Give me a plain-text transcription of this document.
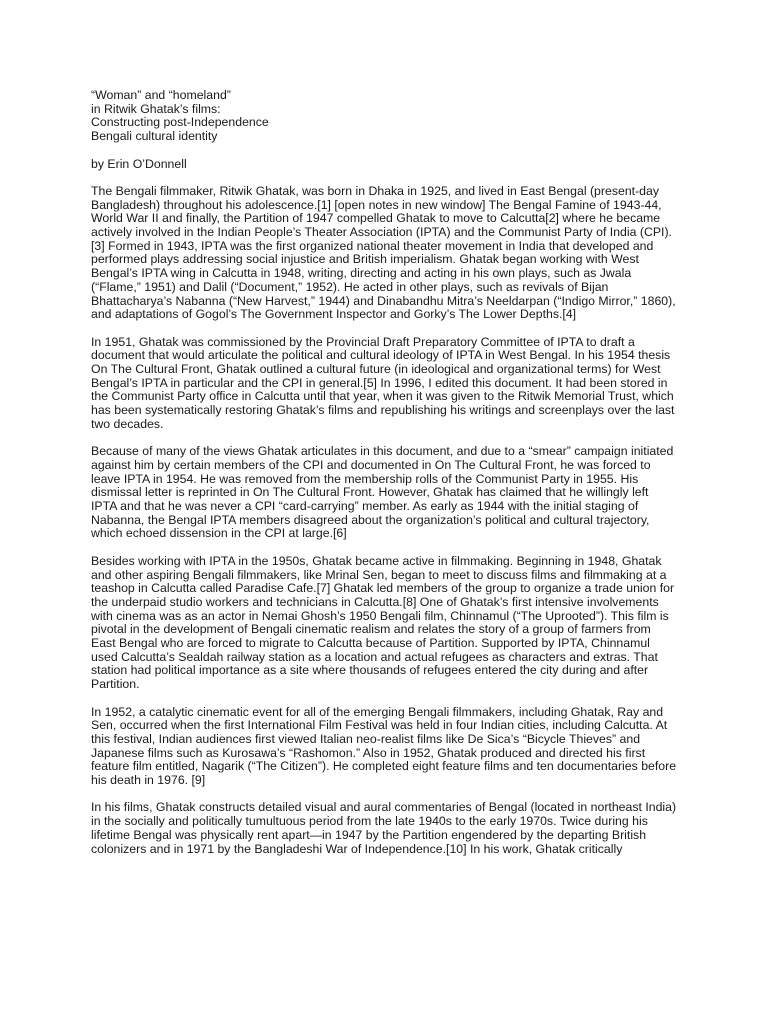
“Woman” and “homeland”
in Ritwik Ghatak’s films:
Constructing post-Independence
Bengali cultural identity
by Erin O’Donnell
The Bengali filmmaker, Ritwik Ghatak, was born in Dhaka in 1925, and lived in East Bengal (present-day
Bangladesh) throughout his adolescence.[1] [open notes in new window] The Bengal Famine of 1943-44,
World War II and finally, the Partition of 1947 compelled Ghatak to move to Calcutta[2] where he became
actively involved in the Indian People’s Theater Association (IPTA) and the Communist Party of India (CPI).
[3] Formed in 1943, IPTA was the first organized national theater movement in India that developed and
performed plays addressing social injustice and British imperialism. Ghatak began working with West
Bengal’s IPTA wing in Calcutta in 1948, writing, directing and acting in his own plays, such as Jwala
(“Flame,” 1951) and Dalil (“Document,” 1952). He acted in other plays, such as revivals of Bijan
Bhattacharya’s Nabanna (“New Harvest,” 1944) and Dinabandhu Mitra’s Neeldarpan (“Indigo Mirror,” 1860),
and adaptations of Gogol’s The Government Inspector and Gorky’s The Lower Depths.[4]
In 1951, Ghatak was commissioned by the Provincial Draft Preparatory Committee of IPTA to draft a
document that would articulate the political and cultural ideology of IPTA in West Bengal. In his 1954 thesis
On The Cultural Front, Ghatak outlined a cultural future (in ideological and organizational terms) for West
Bengal’s IPTA in particular and the CPI in general.[5] In 1996, I edited this document. It had been stored in
the Communist Party office in Calcutta until that year, when it was given to the Ritwik Memorial Trust, which
has been systematically restoring Ghatak’s films and republishing his writings and screenplays over the last
two decades.
Because of many of the views Ghatak articulates in this document, and due to a “smear” campaign initiated
against him by certain members of the CPI and documented in On The Cultural Front, he was forced to
leave IPTA in 1954. He was removed from the membership rolls of the Communist Party in 1955. His
dismissal letter is reprinted in On The Cultural Front. However, Ghatak has claimed that he willingly left
IPTA and that he was never a CPI “card-carrying” member. As early as 1944 with the initial staging of
Nabanna, the Bengal IPTA members disagreed about the organization’s political and cultural trajectory,
which echoed dissension in the CPI at large.[6]
Besides working with IPTA in the 1950s, Ghatak became active in filmmaking. Beginning in 1948, Ghatak
and other aspiring Bengali filmmakers, like Mrinal Sen, began to meet to discuss films and filmmaking at a
teashop in Calcutta called Paradise Cafe.[7] Ghatak led members of the group to organize a trade union for
the underpaid studio workers and technicians in Calcutta.[8] One of Ghatak’s first intensive involvements
with cinema was as an actor in Nemai Ghosh’s 1950 Bengali film, Chinnamul (“The Uprooted”). This film is
pivotal in the development of Bengali cinematic realism and relates the story of a group of farmers from
East Bengal who are forced to migrate to Calcutta because of Partition. Supported by IPTA, Chinnamul
used Calcutta’s Sealdah railway station as a location and actual refugees as characters and extras. That
station had political importance as a site where thousands of refugees entered the city during and after
Partition.
In 1952, a catalytic cinematic event for all of the emerging Bengali filmmakers, including Ghatak, Ray and
Sen, occurred when the first International Film Festival was held in four Indian cities, including Calcutta. At
this festival, Indian audiences first viewed Italian neo-realist films like De Sica’s “Bicycle Thieves” and
Japanese films such as Kurosawa’s “Rashomon.” Also in 1952, Ghatak produced and directed his first
feature film entitled, Nagarik (“The Citizen”). He completed eight feature films and ten documentaries before
his death in 1976. [9]
In his films, Ghatak constructs detailed visual and aural commentaries of Bengal (located in northeast India)
in the socially and politically tumultuous period from the late 1940s to the early 1970s. Twice during his
lifetime Bengal was physically rent apart—in 1947 by the Partition engendered by the departing British
colonizers and in 1971 by the Bangladeshi War of Independence.[10] In his work, Ghatak critically
